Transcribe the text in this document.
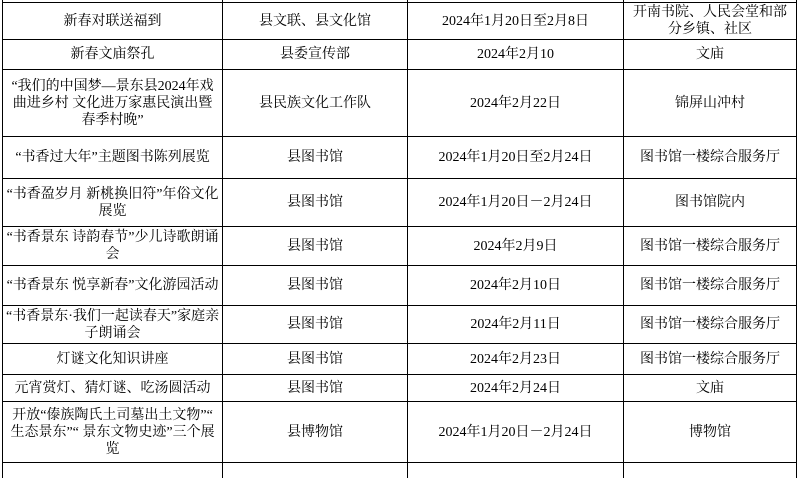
新春对联送福到	县文联、县文化馆	2024年1月20日至2月8日	开南书院、人民会堂和部分乡镇、社区
新春文庙祭孔	县委宣传部	2024年2月10	文庙
“我们的中国梦—景东县2024年戏曲进乡村 文化进万家惠民演出暨春季村晚”	县民族文化工作队	2024年2月22日	锦屏山冲村
“书香过大年”主题图书陈列展览	县图书馆	2024年1月20日至2月24日	图书馆一楼综合服务厅
“书香盈岁月 新桃换旧符”年俗文化展览	县图书馆	2024年1月20日－2月24日	图书馆院内
“书香景东 诗韵春节”少儿诗歌朗诵会	县图书馆	2024年2月9日	图书馆一楼综合服务厅
“书香景东 悦享新春”文化游园活动	县图书馆	2024年2月10日	图书馆一楼综合服务厅
“书香景东·我们一起读春天”家庭亲子朗诵会	县图书馆	2024年2月11日	图书馆一楼综合服务厅
灯谜文化知识讲座	县图书馆	2024年2月23日	图书馆一楼综合服务厅
元宵赏灯、猜灯谜、吃汤圆活动	县图书馆	2024年2月24日	文庙
开放“傣族陶氏土司墓出土文物”“ 生态景东”“ 景东文物史迹”三个展览	县博物馆	2024年1月20日－2月24日	博物馆
